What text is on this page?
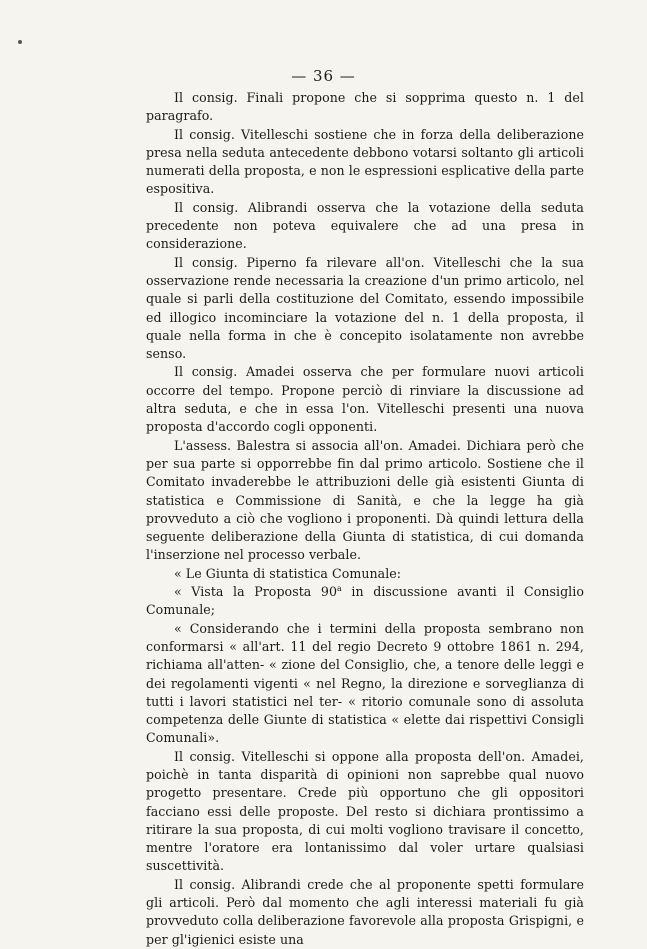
— 36 —

Il consig. Finali propone che si sopprima questo n. 1 del paragrafo.

Il consig. Vitelleschi sostiene che in forza della deliberazione presa nella seduta antecedente debbono votarsi soltanto gli articoli numerati della proposta, e non le espressioni esplicative della parte espositiva.

Il consig. Alibrandi osserva che la votazione della seduta precedente non poteva equivalere che ad una presa in considerazione.

Il consig. Piperno fa rilevare all'on. Vitelleschi che la sua osservazione rende necessaria la creazione d'un primo articolo, nel quale si parli della costituzione del Comitato, essendo impossibile ed illogico incominciare la votazione del n. 1 della proposta, il quale nella forma in che è concepito isolatamente non avrebbe senso.

Il consig. Amadei osserva che per formulare nuovi articoli occorre del tempo. Propone perciò di rinviare la discussione ad altra seduta, e che in essa l'on. Vitelleschi presenti una nuova proposta d'accordo cogli opponenti.

L'assess. Balestra si associa all'on. Amadei. Dichiara però che per sua parte si opporrebbe fin dal primo articolo. Sostiene che il Comitato invaderebbe le attribuzioni delle già esistenti Giunta di statistica e Commissione di Sanità, e che la legge ha già provveduto a ciò che vogliono i proponenti. Dà quindi lettura della seguente deliberazione della Giunta di statistica, di cui domanda l'inserzione nel processo verbale.

« Le Giunta di statistica Comunale:

« Vista la Proposta 90$^a$ in discussione avanti il Consiglio Comunale;

« Considerando che i termini della proposta sembrano non conformarsi « all'art. 11 del regio Decreto 9 ottobre 1861 n. 294, richiama all'atten- « zione del Consiglio, che, a tenore delle leggi e dei regolamenti vigenti « nel Regno, la direzione e sorveglianza di tutti i lavori statistici nel ter- « ritorio comunale sono di assoluta competenza delle Giunte di statistica « elette dai rispettivi Consigli Comunali».

Il consig. Vitelleschi si oppone alla proposta dell'on. Amadei, poichè in tanta disparità di opinioni non saprebbe qual nuovo progetto presentare. Crede più opportuno che gli oppositori facciano essi delle proposte. Del resto si dichiara prontissimo a ritirare la sua proposta, di cui molti vogliono travisare il concetto, mentre l'oratore era lontanissimo dal voler urtare qualsiasi suscettività.

Il consig. Alibrandi crede che al proponente spetti formulare gli articoli. Però dal momento che agli interessi materiali fu già provveduto colla deliberazione favorevole alla proposta Grispigni, e per gl'igienici esiste una
